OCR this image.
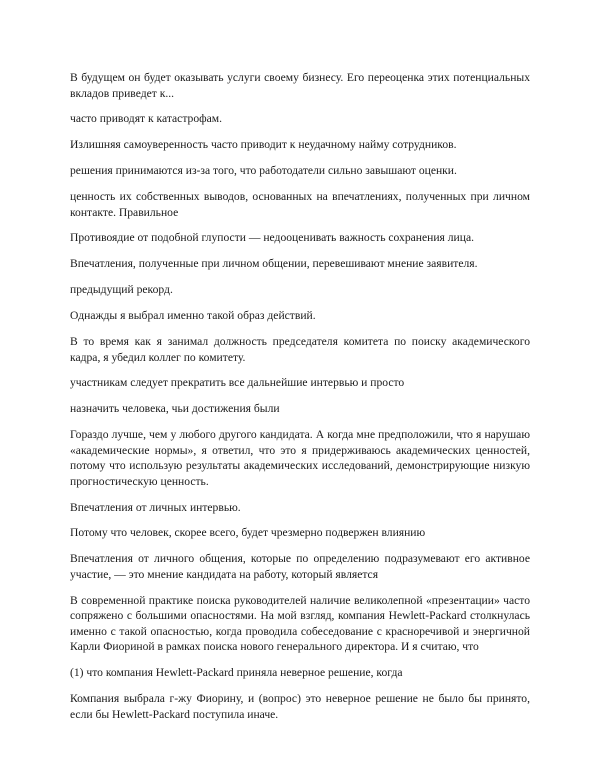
В будущем он будет оказывать услуги своему бизнесу. Его переоценка этих потенциальных вкладов приведет к...

часто приводят к катастрофам.

Излишняя самоуверенность часто приводит к неудачному найму сотрудников.

решения принимаются из-за того, что работодатели сильно завышают оценки.

ценность их собственных выводов, основанных на впечатлениях, полученных при личном контакте. Правильное

Противоядие от подобной глупости — недооценивать важность сохранения лица.

Впечатления, полученные при личном общении, перевешивают мнение заявителя.

предыдущий рекорд.

Однажды я выбрал именно такой образ действий.

В то время как я занимал должность председателя комитета по поиску академического кадра, я убедил коллег по комитету.

участникам следует прекратить все дальнейшие интервью и просто

назначить человека, чьи достижения были

Гораздо лучше, чем у любого другого кандидата. А когда мне предположили, что я нарушаю «академические нормы», я ответил, что это я придерживаюсь академических ценностей, потому что использую результаты академических исследований, демонстрирующие низкую прогностическую ценность.

Впечатления от личных интервью.

Потому что человек, скорее всего, будет чрезмерно подвержен влиянию

Впечатления от личного общения, которые по определению подразумевают его активное участие, — это мнение кандидата на работу, который является

В современной практике поиска руководителей наличие великолепной «презентации» часто сопряжено с большими опасностями. На мой взгляд, компания Hewlett-Packard столкнулась именно с такой опасностью, когда проводила собеседование с красноречивой и энергичной Карли Фиориной в рамках поиска нового генерального директора. И я считаю, что

(1) что компания Hewlett-Packard приняла неверное решение, когда

Компания выбрала г-жу Фиорину, и (вопрос) это неверное решение не было бы принято, если бы Hewlett-Packard поступила иначе.
